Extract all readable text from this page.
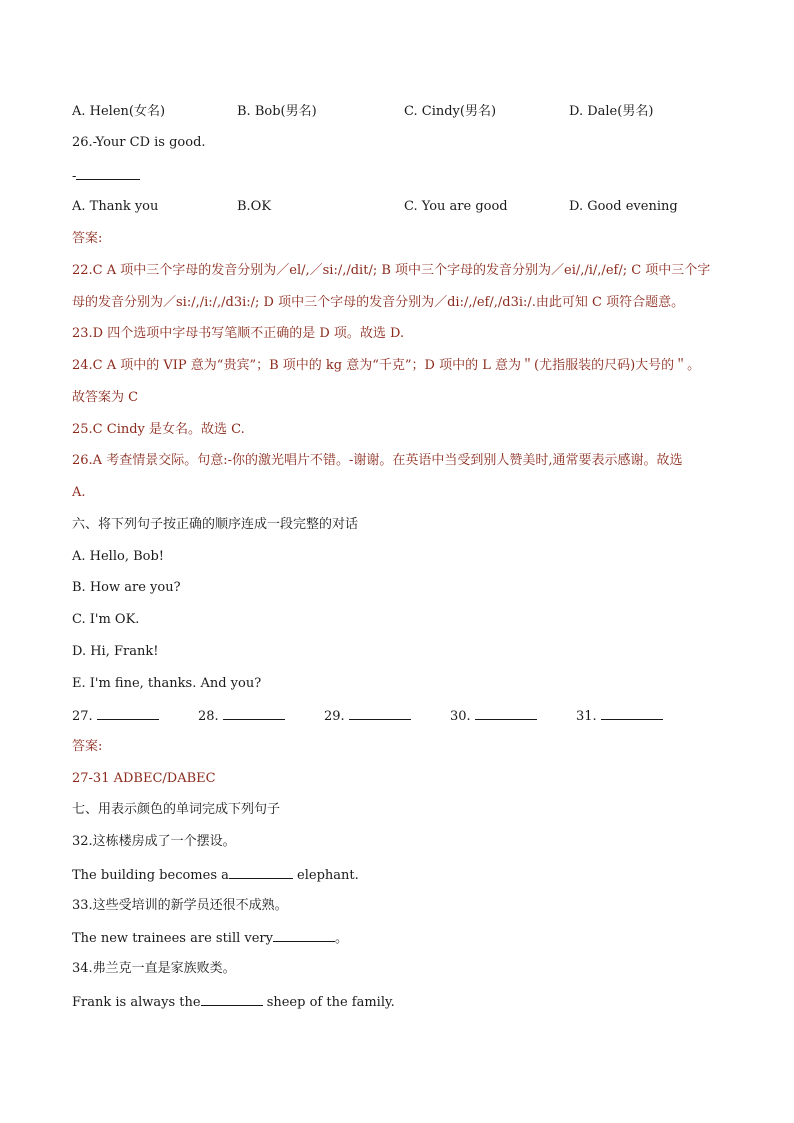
A. Helen(女名)	B. Bob(男名)	C. Cindy(男名)	D. Dale(男名)
26.-Your CD is good.
-
A. Thank you	B.OK	C. You are good	D. Good evening
答案:
22.C A 项中三个字母的发音分别为／el/,／si:/,/dit/; B 项中三个字母的发音分别为／ei/,/i/,/ef/; C 项中三个字
母的发音分别为／si:/,/i:/,/d3i:/; D 项中三个字母的发音分别为／di:/,/ef/,/d3i:/.由此可知 C 项符合题意。
23.D 四个选项中字母书写笔顺不正确的是 D 项。故选 D.
24.C A 项中的 VIP 意为“贵宾”；B 项中的 kg 意为“千克”；D 项中的 L 意为＂(尤指服装的尺码)大号的＂。
故答案为 C
25.C Cindy 是女名。故选 C.
26.A 考查情景交际。句意:-你的激光唱片不错。-谢谢。在英语中当受到别人赞美时,通常要表示感谢。故选
A.
六、将下列句子按正确的顺序连成一段完整的对话
A. Hello, Bob!
B. How are you?
C. I'm OK.
D. Hi, Frank!
E. I'm fine, thanks. And you?
27.	28.	29.	30.	31.
答案:
27-31 ADBEC/DABEC
七、用表示颜色的单词完成下列句子
32.这栋楼房成了一个摆设。
The building becomes a	elephant.
33.这些受培训的新学员还很不成熟。
The new trainees are still very	。
34.弗兰克一直是家族败类。
Frank is always the	sheep of the family.
